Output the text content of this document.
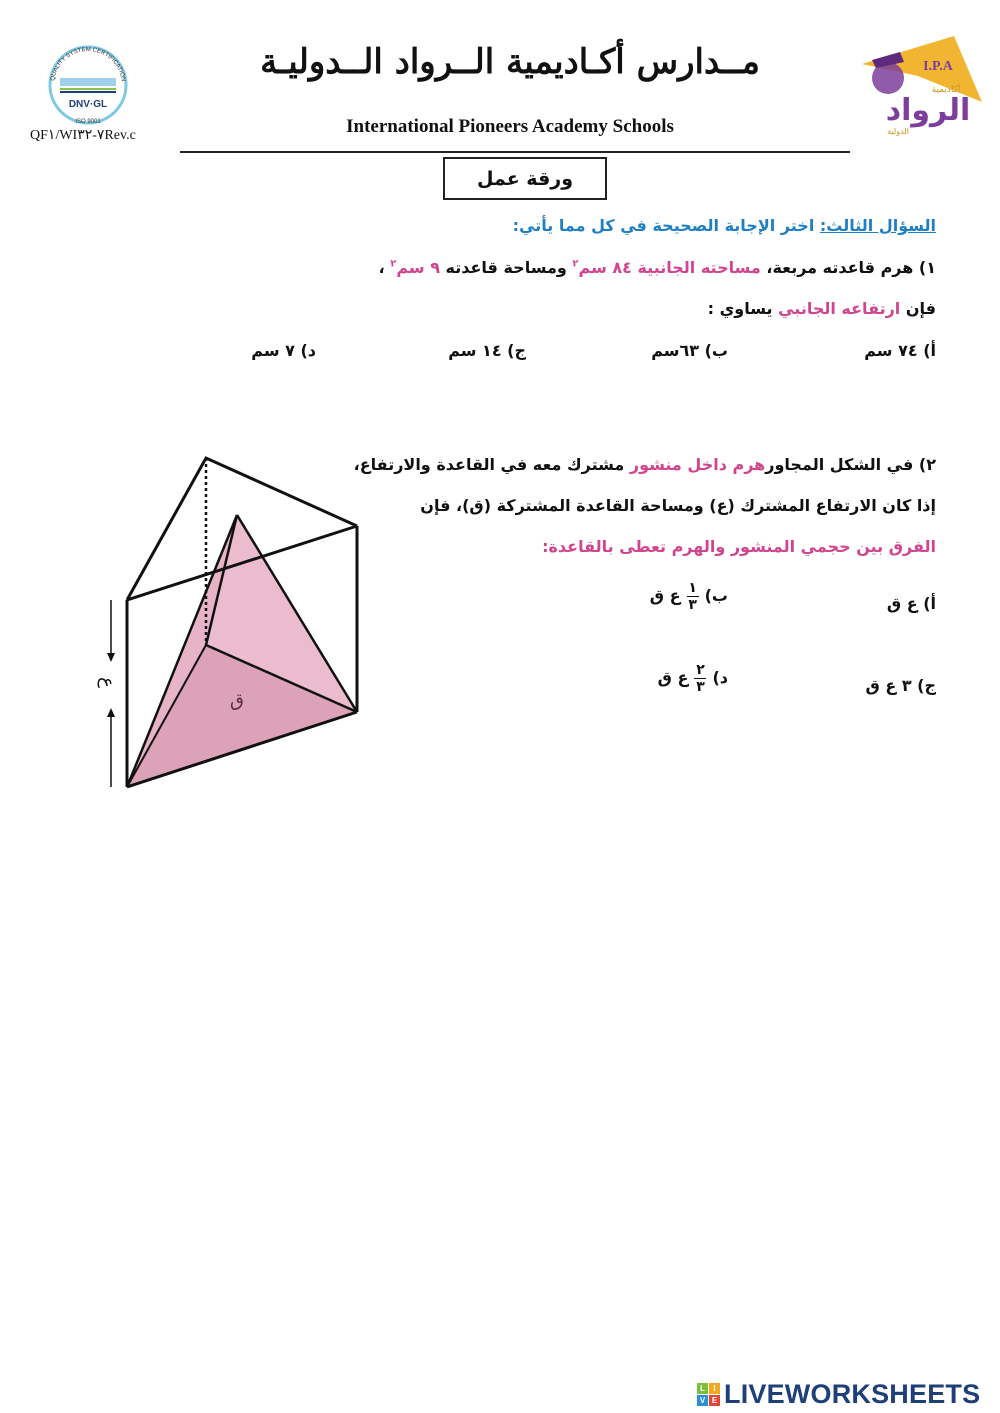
DNV·GL
ISO 9001
QUALITY SYSTEM CERTIFICATION
QF١/WI٧-٣٢Rev.c
مــدارس أكـاديمية الــرواد الــدوليـة
International Pioneers Academy Schools
I.P.A
الرواد
أكاديمية
الدولية
ورقة عمل
السؤال الثالث: اختر الإجابة الصحيحة في كل مما يأتي:
١) هرم قاعدته مربعة، مساحته الجانبية ٨٤ سم$^٢$ ومساحة قاعدته ٩ سم$^٢$ ،
فإن ارتفاعه الجانبي يساوي :
أ) ٧٤ سم
ب) ٦٣سم
ج) ١٤ سم
د) ٧ سم
٢) في الشكل المجاورهرم داخل منشور مشترك معه في القاعدة والارتفاع،
إذا كان الارتفاع المشترك (ع) ومساحة القاعدة المشتركة (ق)، فإن
الفرق بين حجمي المنشور والهرم تعطى بالقاعدة:
أ) ع ق
ب)
$\frac{١}{٣}$
ع ق
ج) ٣ ع ق
د)
$\frac{٢}{٣}$
ع ق
ع
ق
L	I
V E LIVEWORKSHEETS
